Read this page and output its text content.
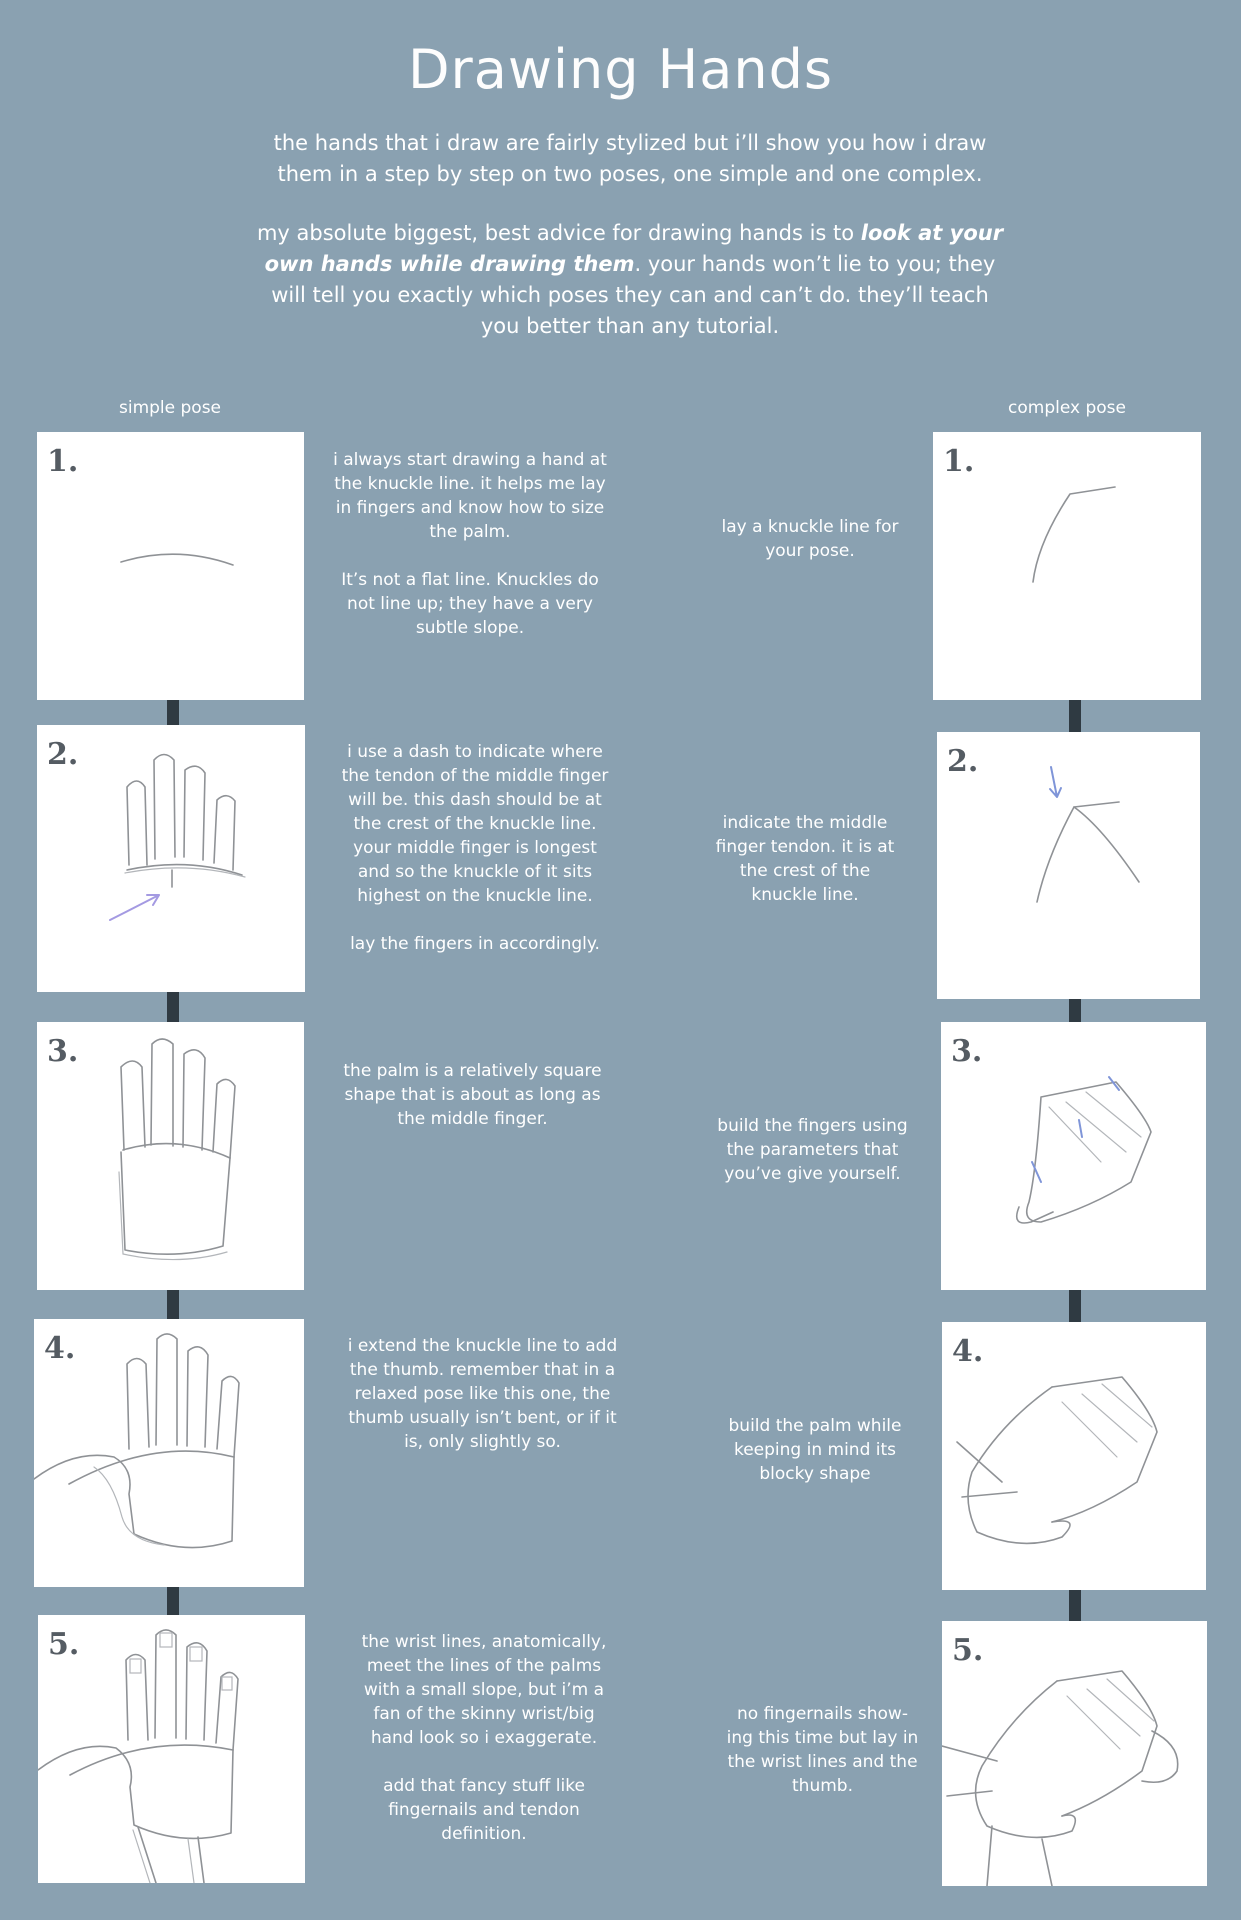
Drawing Hands
the hands that i draw are fairly stylized but i’ll show you how i draw them in a step by step on two poses, one simple and one complex.
my absolute biggest, best advice for drawing hands is to look at your own hands while drawing them. your hands won’t lie to you; they will tell you exactly which poses they can and can’t do. they’ll teach you better than any tutorial.
simple pose	complex pose
1.
2.
3.
4.
5.
1.
2.
3.
4.
5.
i always start drawing a hand at the knuckle line. it helps me lay in fingers and know how to size the palm.

It’s not a flat line. Knuckles do not line up; they have a very subtle slope.
i use a dash to indicate where the tendon of the middle finger will be. this dash should be at the crest of the knuckle line. your middle finger is longest and so the knuckle of it sits highest on the knuckle line.

lay the fingers in accordingly.
the palm is a relatively square shape that is about as long as the middle finger.
i extend the knuckle line to add the thumb. remember that in a relaxed pose like this one, the thumb usually isn’t bent, or if it is, only slightly so.
the wrist lines, anatomically, meet the lines of the palms with a small slope, but i’m a fan of the skinny wrist/big hand look so i exaggerate.

add that fancy stuff like fingernails and tendon definition.
lay a knuckle line for your pose.
indicate the middle finger tendon. it is at the crest of the knuckle line.
build the fingers using the parameters that you’ve give yourself.
build the palm while keeping in mind its blocky shape
no fingernails show-ing this time but lay in the wrist lines and the thumb.
